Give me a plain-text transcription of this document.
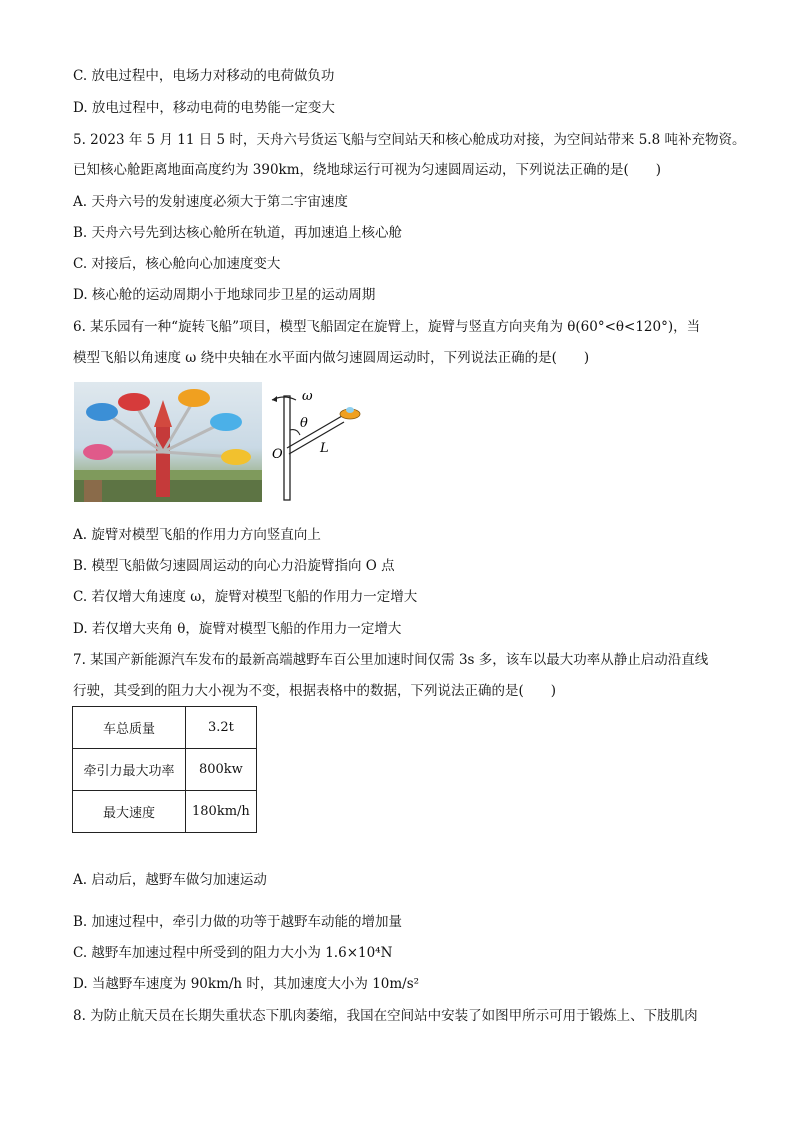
C. 放电过程中，电场力对移动的电荷做负功
D. 放电过程中，移动电荷的电势能一定变大
5. 2023 年 5 月 11 日 5 时，天舟六号货运飞船与空间站天和核心舱成功对接，为空间站带来 5.8 吨补充物资。
已知核心舱距离地面高度约为 390km，绕地球运行可视为匀速圆周运动，下列说法正确的是(　　)
A. 天舟六号的发射速度必须大于第二宇宙速度
B. 天舟六号先到达核心舱所在轨道，再加速追上核心舱
C. 对接后，核心舱向心加速度变大
D. 核心舱的运动周期小于地球同步卫星的运动周期
6. 某乐园有一种“旋转飞船”项目，模型飞船固定在旋臂上，旋臂与竖直方向夹角为 θ(60°<θ<120°)，当
模型飞船以角速度 ω 绕中央轴在水平面内做匀速圆周运动时，下列说法正确的是(　　)
ω
θ
O	L
A. 旋臂对模型飞船的作用力方向竖直向上
B. 模型飞船做匀速圆周运动的向心力沿旋臂指向 O 点
C. 若仅增大角速度 ω，旋臂对模型飞船的作用力一定增大
D. 若仅增大夹角 θ，旋臂对模型飞船的作用力一定增大
7. 某国产新能源汽车发布的最新高端越野车百公里加速时间仅需 3s 多，该车以最大功率从静止启动沿直线
行驶，其受到的阻力大小视为不变，根据表格中的数据，下列说法正确的是(　　)
车总质量	3.2t
牵引力最大功率	800kw
最大速度	180km/h
A. 启动后，越野车做匀加速运动
B. 加速过程中，牵引力做的功等于越野车动能的增加量
C. 越野车加速过程中所受到的阻力大小为 1.6×10⁴N
D. 当越野车速度为 90km/h 时，其加速度大小为 10m/s²
8. 为防止航天员在长期失重状态下肌肉萎缩，我国在空间站中安装了如图甲所示可用于锻炼上、下肢肌肉
